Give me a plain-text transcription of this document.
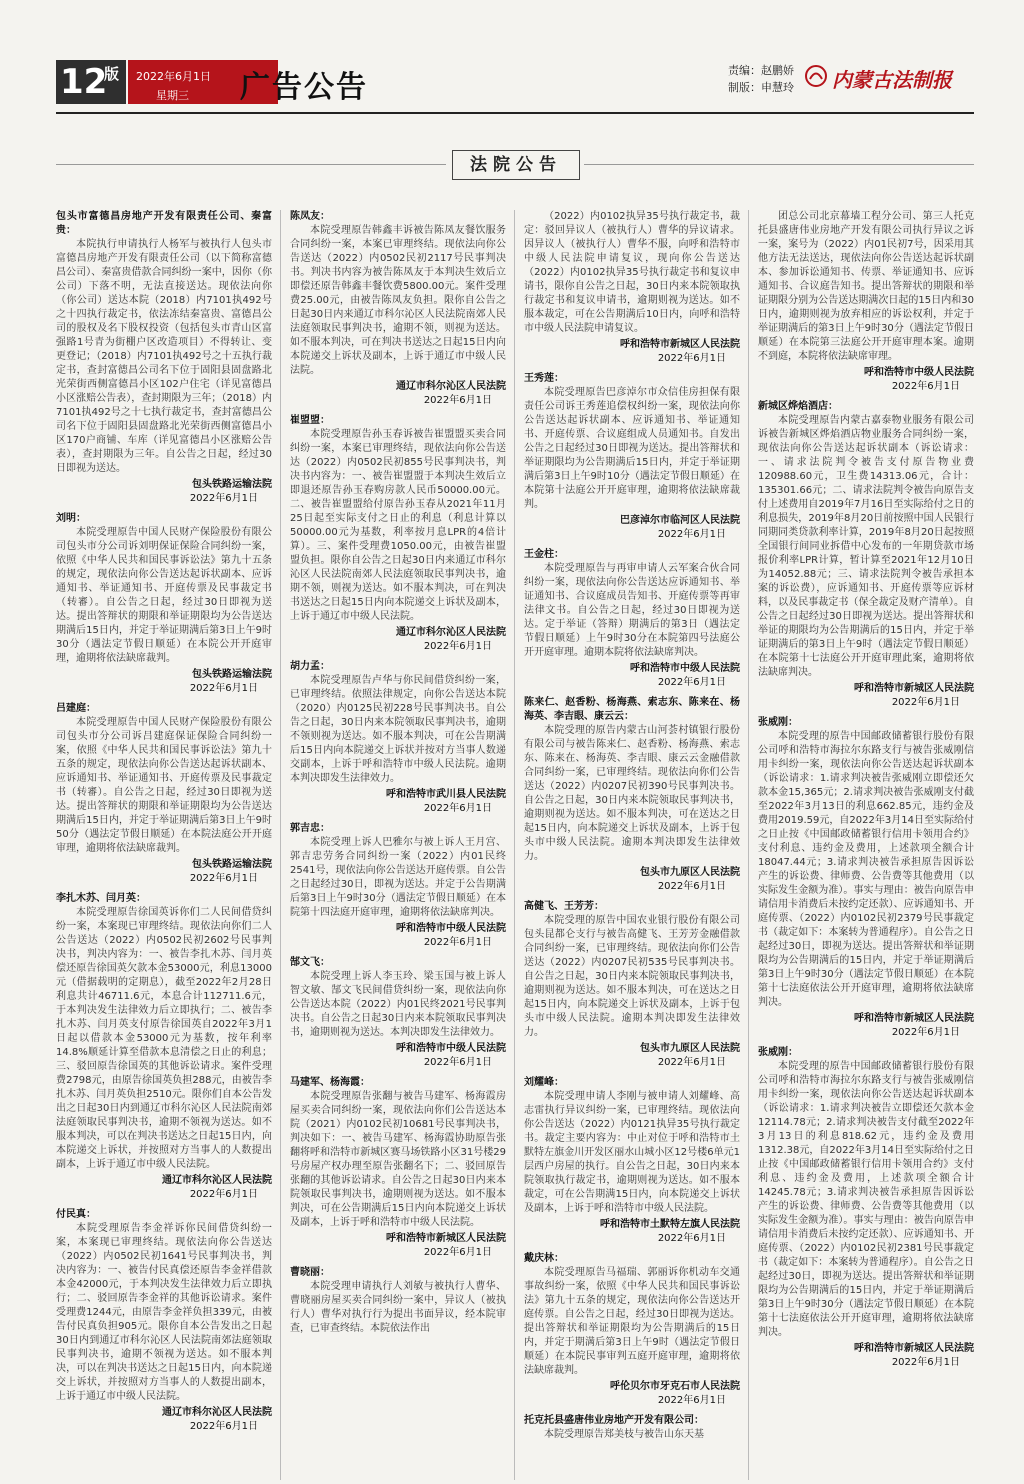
12
版 2022年6月1日
星期三 广告公告	责编：赵鹏娇
制版：申慧玲 内蒙古法制报
法院公告

包头市富德昌房地产开发有限责任公司、秦富贵：

本院执行申请执行人杨军与被执行人包头市富德昌房地产开发有限责任公司（以下简称富德昌公司）、秦富贵借款合同纠纷一案中，因你（你公司）下落不明，无法直接送达。现依法向你（你公司）送达本院（2018）内7101执492号之十四执行裁定书，依法冻结秦富贵、富德昌公司的股权及名下股权投资（包括包头市青山区富强路1号青为街棚户区改造项目）不得转让、变更登记；（2018）内7101执492号之十五执行裁定书，查封富德昌公司名下位于固阳县固盘路北光荣街西侧富德昌小区102户住宅（详见富德昌小区涨赔公告表），查封期限为三年；（2018）内7101执492号之十七执行裁定书，查封富德昌公司名下位于固阳县固盘路北光荣街西侧富德昌小区170户商铺、车库（详见富德昌小区涨赔公告表），查封期限为三年。自公告之日起，经过30日即视为送达。

包头铁路运输法院

2022年6月1日

刘明：

本院受理原告中国人民财产保险股份有限公司包头市分公司诉刘明保证保险合同纠纷一案，依照《中华人民共和国民事诉讼法》第九十五条的规定，现依法向你公告送达起诉状副本、应诉通知书、举证通知书、开庭传票及民事裁定书（转審）。自公告之日起，经过30日即视为送达。提出答辩状的期限和举证期限均为公告送达期满后15日内，并定于举证期满后第3日上午9时30分（遇法定节假日顺延）在本院公开开庭审理，逾期将依法缺席裁判。

包头铁路运输法院

2022年6月1日

吕建庭：

本院受理原告中国人民财产保险股份有限公司包头市分公司诉吕建庭保证保险合同纠纷一案，依照《中华人民共和国民事诉讼法》第九十五条的规定，现依法向你公告送达起诉状副本、应诉通知书、举证通知书、开庭传票及民事裁定书（转審）。自公告之日起，经过30日即视为送达。提出答辩状的期限和举证期限均为公告送达期满后15日内，并定于举证期满后第3日上午9时50分（遇法定节假日顺延）在本院法庭公开开庭审理，逾期将依法缺席裁判。

包头铁路运输法院

2022年6月1日

李扎木苏、闫月英：

本院受理原告徐国英诉你们二人民间借贷纠纷一案，本案现已审理终结。现依法向你们二人公告送达（2022）内0502民初2602号民事判决书，判决内容为：一、被告李扎木苏、闫月英偿还原告徐国英欠款本金53000元，利息13000元（借据载明的定期息），截至2022年2月28日利息共计46711.6元，本息合计112711.6元，于本判决发生法律效力后立即执行；二、被告李扎木苏、闫月英支付原告徐国英自2022年3月1日起以借款本金53000元为基数，按年利率14.8%顺延计算至借款本息清偿之日止的利息；三、驳回原告徐国英的其他诉讼请求。案件受理费2798元，由原告徐国英负担288元，由被告李扎木苏、闫月英负担2510元。限你们自本公告发出之日起30日内到通辽市科尔沁区人民法院南郊法庭领取民事判决书，逾期不领视为送达。如不服本判决，可以在判决书送达之日起15日内，向本院递交上诉状，并按照对方当事人的人数提出副本，上诉于通辽市中级人民法院。

通辽市科尔沁区人民法院

2022年6月1日

付民真：

本院受理原告李金祥诉你民间借贷纠纷一案，本案现已审理终结。现依法向你公告送达（2022）内0502民初1641号民事判决书，判决内容为：一、被告付民真偿还原告李金祥借款本金42000元，于本判决发生法律效力后立即执行；二、驳回原告李金祥的其他诉讼请求。案件受理费1244元，由原告李金祥负担339元，由被告付民真负担905元。限你自本公告发出之日起30日内到通辽市科尔沁区人民法院南郊法庭领取民事判决书，逾期不领视为送达。如不服本判决，可以在判决书送达之日起15日内，向本院递交上诉状，并按照对方当事人的人数提出副本，上诉于通辽市中级人民法院。

通辽市科尔沁区人民法院

2022年6月1日

陈凤友：

本院受理原告韩鑫丰诉被告陈凤友餐饮服务合同纠纷一案，本案已审理终结。现依法向你公告送达（2022）内0502民初2117号民事判决书。判决书内容为被告陈凤友于本判决生效后立即偿还原告韩鑫丰餐饮费5800.00元。案件受理费25.00元，由被告陈凤友负担。限你自公告之日起30日内来通辽市科尔沁区人民法院南郊人民法庭领取民事判决书，逾期不领，则视为送达。如不服本判决，可在判决书送达之日起15日内向本院递交上诉状及副本，上诉于通辽市中级人民法院。

通辽市科尔沁区人民法院

2022年6月1日

崔盟盟：

本院受理原告孙玉春诉被告崔盟盟买卖合同纠纷一案，本案已审理终结，现依法向你公告送达（2022）内0502民初855号民事判决书，判决书内容为：一、被告崔盟盟于本判决生效后立即退还原告孙玉春购房款人民币50000.00元。二、被告崔盟盟给付原告孙玉春从2021年11月25日起至实际支付之日止的利息（利息计算以50000.00元为基数，利率按月息LPR的4倍计算）。三、案件受理费1050.00元，由被告崔盟盟负担。限你自公告之日起30日内来通辽市科尔沁区人民法院南郊人民法庭领取民事判决书，逾期不领，则视为送达。如不服本判决，可在判决书送达之日起15日内向本院递交上诉状及副本，上诉于通辽市中级人民法院。

通辽市科尔沁区人民法院

2022年6月1日

胡力孟：

本院受理原告卢华与你民间借贷纠纷一案，已审理终结。依照法律规定，向你公告送达本院（2020）内0125民初228号民事判决书。自公告之日起，30日内来本院领取民事判决书，逾期不领则视为送达。如不服本判决，可在公告期满后15日内向本院递交上诉状并按对方当事人数递交副本，上诉于呼和浩特市中级人民法院。逾期本判决即发生法律效力。

呼和浩特市武川县人民法院

2022年6月1日

郭吉忠：

本院受理上诉人巴雅尔与被上诉人王月宫、郭吉忠劳务合同纠纷一案（2022）内01民终2541号，现依法向你公告送达开庭传票。自公告之日起经过30日，即视为送达。并定于公告期满后第3日上午9时30分（遇法定节假日顺延）在本院第十四法庭开庭审理，逾期将依法缺席判决。

呼和浩特市中级人民法院

2022年6月1日

郜文飞：

本院受理上诉人李玉玲、梁玉国与被上诉人智文敏、郜文飞民间借贷纠纷一案，现依法向你公告送达本院（2022）内01民终2021号民事判决书。自公告之日起30日内来本院领取民事判决书，逾期则视为送达。本判决即发生法律效力。

呼和浩特市中级人民法院

2022年6月1日

马建军、杨海霞：

本院受理原告张翻与被告马建军、杨海霞房屋买卖合同纠纷一案，现依法向你们公告送达本院（2021）内0102民初10681号民事判决书，判决如下：一、被告马建军、杨海霞协助原告张翻将呼和浩特市新城区赛马场铁路小区31号楼29号房屋产权办理至原告张翻名下；二、驳回原告张翻的其他诉讼请求。自公告之日起30日内来本院领取民事判决书，逾期则视为送达。如不服本判决，可在公告期满后15日内向本院递交上诉状及副本，上诉于呼和浩特市中级人民法院。

呼和浩特市新城区人民法院

2022年6月1日

曹晓丽：

本院受理申请执行人刘敏与被执行人曹华、曹晓丽房屋买卖合同纠纷一案中，异议人（被执行人）曹华对执行行为提出书面异议，经本院审查，已审查终结。本院依法作出

（2022）内0102执异35号执行裁定书，裁定：驳回异议人（被执行人）曹华的异议请求。因异议人（被执行人）曹华不服，向呼和浩特市中级人民法院申请复议，现向你公告送达（2022）内0102执异35号执行裁定书和复议申请书，限你自公告之日起，30日内来本院领取执行裁定书和复议申请书，逾期则视为送达。如不服本裁定，可在公告期满后10日内，向呼和浩特市中级人民法院申请复议。

呼和浩特市新城区人民法院

2022年6月1日

王秀莲：

本院受理原告巴彦淖尔市众信佳房担保有限责任公司诉王秀莲追偿权纠纷一案，现依法向你公告送达起诉状副本、应诉通知书、举证通知书、开庭传票、合议庭组成人员通知书。自发出公告之日起经过30日即视为送达。提出答辩状和举证期限均为公告期满后15日内，并定于举证期满后第3日上午9时10分（遇法定节假日顺延）在本院第十法庭公开开庭审理，逾期将依法缺席裁判。

巴彦淖尔市临河区人民法院

2022年6月1日

王金柱：

本院受理原告与再审申请人云军案合伙合同纠纷一案，现依法向你公告送达应诉通知书、举证通知书、合议庭成员告知书、开庭传票等再审法律文书。自公告之日起，经过30日即视为送达。定于举证（答辩）期满后的第3日（遇法定节假日顺延）上午9时30分在本院第四号法庭公开开庭审理。逾期本院将依法缺席判决。

呼和浩特市中级人民法院

2022年6月1日

陈来仁、赵香粉、杨海燕、索志东、陈来在、杨海英、李吉眼、康云云：

本院受理的原告内蒙古山河荟村镇银行股份有限公司与被告陈来仁、赵香粉、杨海燕、索志东、陈来在、杨海英、李吉眼、康云云金融借款合同纠纷一案，已审理终结。现依法向你们公告送达（2022）内0207民初390号民事判决书。自公告之日起，30日内来本院领取民事判决书，逾期则视为送达。如不服本判决，可在送达之日起15日内，向本院递交上诉状及副本，上诉于包头市中级人民法院。逾期本判决即发生法律效力。

包头市九原区人民法院

2022年6月1日

高健飞、王芳芳：

本院受理的原告中国农业银行股份有限公司包头昆都仑支行与被告高健飞、王芳芳金融借款合同纠纷一案，已审理终结。现依法向你们公告送达（2022）内0207民初535号民事判决书。自公告之日起，30日内来本院领取民事判决书，逾期则视为送达。如不服本判决，可在送达之日起15日内，向本院递交上诉状及副本，上诉于包头市中级人民法院。逾期本判决即发生法律效力。

包头市九原区人民法院

2022年6月1日

刘耀峰：

本院受理申请人李刚与被申请人刘耀峰、高志雷执行异议纠纷一案，已审理终结。现依法向你公告送达（2022）内0121执异35号执行裁定书。裁定主要内容为：中止对位于呼和浩特市土默特左旗金川开发区丽水山城小区12号楼6单元1层西户房屋的执行。自公告之日起，30日内来本院领取执行裁定书，逾期则视为送达。如不服本裁定，可在公告期满15日内，向本院递交上诉状及副本，上诉于呼和浩特市中级人民法院。

呼和浩特市土默特左旗人民法院

2022年6月1日

戴庆林：

本院受理原告马福瑞、郭丽诉你机动车交通事故纠纷一案，依照《中华人民共和国民事诉讼法》第九十五条的规定，现依法向你公告送达开庭传票。自公告之日起，经过30日即视为送达。提出答辩状和举证期限均为公告期满后的15日内，并定于期满后第3日上午9时（遇法定节假日顺延）在本院民事审判五庭开庭审理，逾期将依法缺席裁判。

呼伦贝尔市牙克石市人民法院

2022年6月1日

托克托县盛唐伟业房地产开发有限公司：

本院受理原告郑美枝与被告山东天基

团总公司北京幕墙工程分公司、第三人托克托县盛唐伟业房地产开发有限公司执行异议之诉一案，案号为（2022）内01民初7号，因采用其他方法无法送达，现依法向你公告送达起诉状副本、参加诉讼通知书、传票、举证通知书、应诉通知书、合议庭告知书。提出答辩状的期限和举证期限分别为公告送达期满次日起的15日内和30日内，逾期则视为放弃相应的诉讼权利，并定于举证期满后的第3日上午9时30分（遇法定节假日顺延）在本院第三法庭公开开庭审理本案。逾期不到庭，本院将依法缺席审理。

呼和浩特市中级人民法院

2022年6月1日

新城区烨焰酒店：

本院受理原告内蒙古嘉泰物业服务有限公司诉被告新城区烨焰酒店物业服务合同纠纷一案，现依法向你公告送达起诉状副本（诉讼请求：一、请求法院判令被告支付原告物业费120988.60元，卫生费14313.06元，合计：135301.66元；二、请求法院判令被告向原告支付上述费用自2019年7月16日至实际给付之日的利息损失，2019年8月20日前按照中国人民银行同期同类贷款利率计算，2019年8月20日起按照全国银行间同业拆借中心发布的一年期贷款市场报价利率LPR计算，暂计算至2021年12月10日为14052.88元；三、请求法院判令被告承担本案的诉讼费），应诉通知书、开庭传票等应诉材料，以及民事裁定书（保全裁定及财产清单）。自公告之日起经过30日即视为送达。提出答辩状和举证的期限均为公告期满后的15日内，并定于举证期满后的第3日上午9时（遇法定节假日顺延）在本院第十七法庭公开开庭审理此案，逾期将依法缺席判决。

呼和浩特市新城区人民法院

2022年6月1日

张威刚：

本院受理的原告中国邮政储蓄银行股份有限公司呼和浩特市海拉尔东路支行与被告张威刚信用卡纠纷一案，现依法向你公告送达起诉状副本（诉讼请求：1.请求判决被告张威刚立即偿还欠款本金15,365元；2.请求判决被告张威刚支付截至2022年3月13日的利息662.85元，违约金及费用2019.59元，自2022年3月14日至实际给付之日止按《中国邮政储蓄银行信用卡领用合约》支付利息、违约金及费用，上述款项全额合计18047.44元；3.请求判决被告承担原告因诉讼产生的诉讼费、律师费、公告费等其他费用（以实际发生金额为准）。事实与理由：被告向原告申请信用卡消费后未按约定还款）、应诉通知书、开庭传票、（2022）内0102民初2379号民事裁定书（裁定如下：本案转为普通程序）。自公告之日起经过30日，即视为送达。提出答辩状和举证期限均为公告期满后的15日内，并定于举证期满后第3日上午9时30分（遇法定节假日顺延）在本院第十七法庭依法公开开庭审理，逾期将依法缺席判决。

呼和浩特市新城区人民法院

2022年6月1日

张威刚：

本院受理的原告中国邮政储蓄银行股份有限公司呼和浩特市海拉尔东路支行与被告张威刚信用卡纠纷一案，现依法向你公告送达起诉状副本（诉讼请求：1.请求判决被告立即偿还欠款本金12114.78元；2.请求判决被告支付截至2022年3月13日的利息818.62元，违约金及费用1312.38元，自2022年3月14日至实际给付之日止按《中国邮政储蓄银行信用卡领用合约》支付利息、违约金及费用，上述款项全额合计14245.78元；3.请求判决被告承担原告因诉讼产生的诉讼费、律师费、公告费等其他费用（以实际发生金额为准）。事实与理由：被告向原告申请信用卡消费后未按约定还款）、应诉通知书、开庭传票、（2022）内0102民初2381号民事裁定书（裁定如下：本案转为普通程序）。自公告之日起经过30日，即视为送达。提出答辩状和举证期限均为公告期满后的15日内，并定于举证期满后第3日上午9时30分（遇法定节假日顺延）在本院第十七法庭依法公开开庭审理，逾期将依法缺席判决。

呼和浩特市新城区人民法院

2022年6月1日
